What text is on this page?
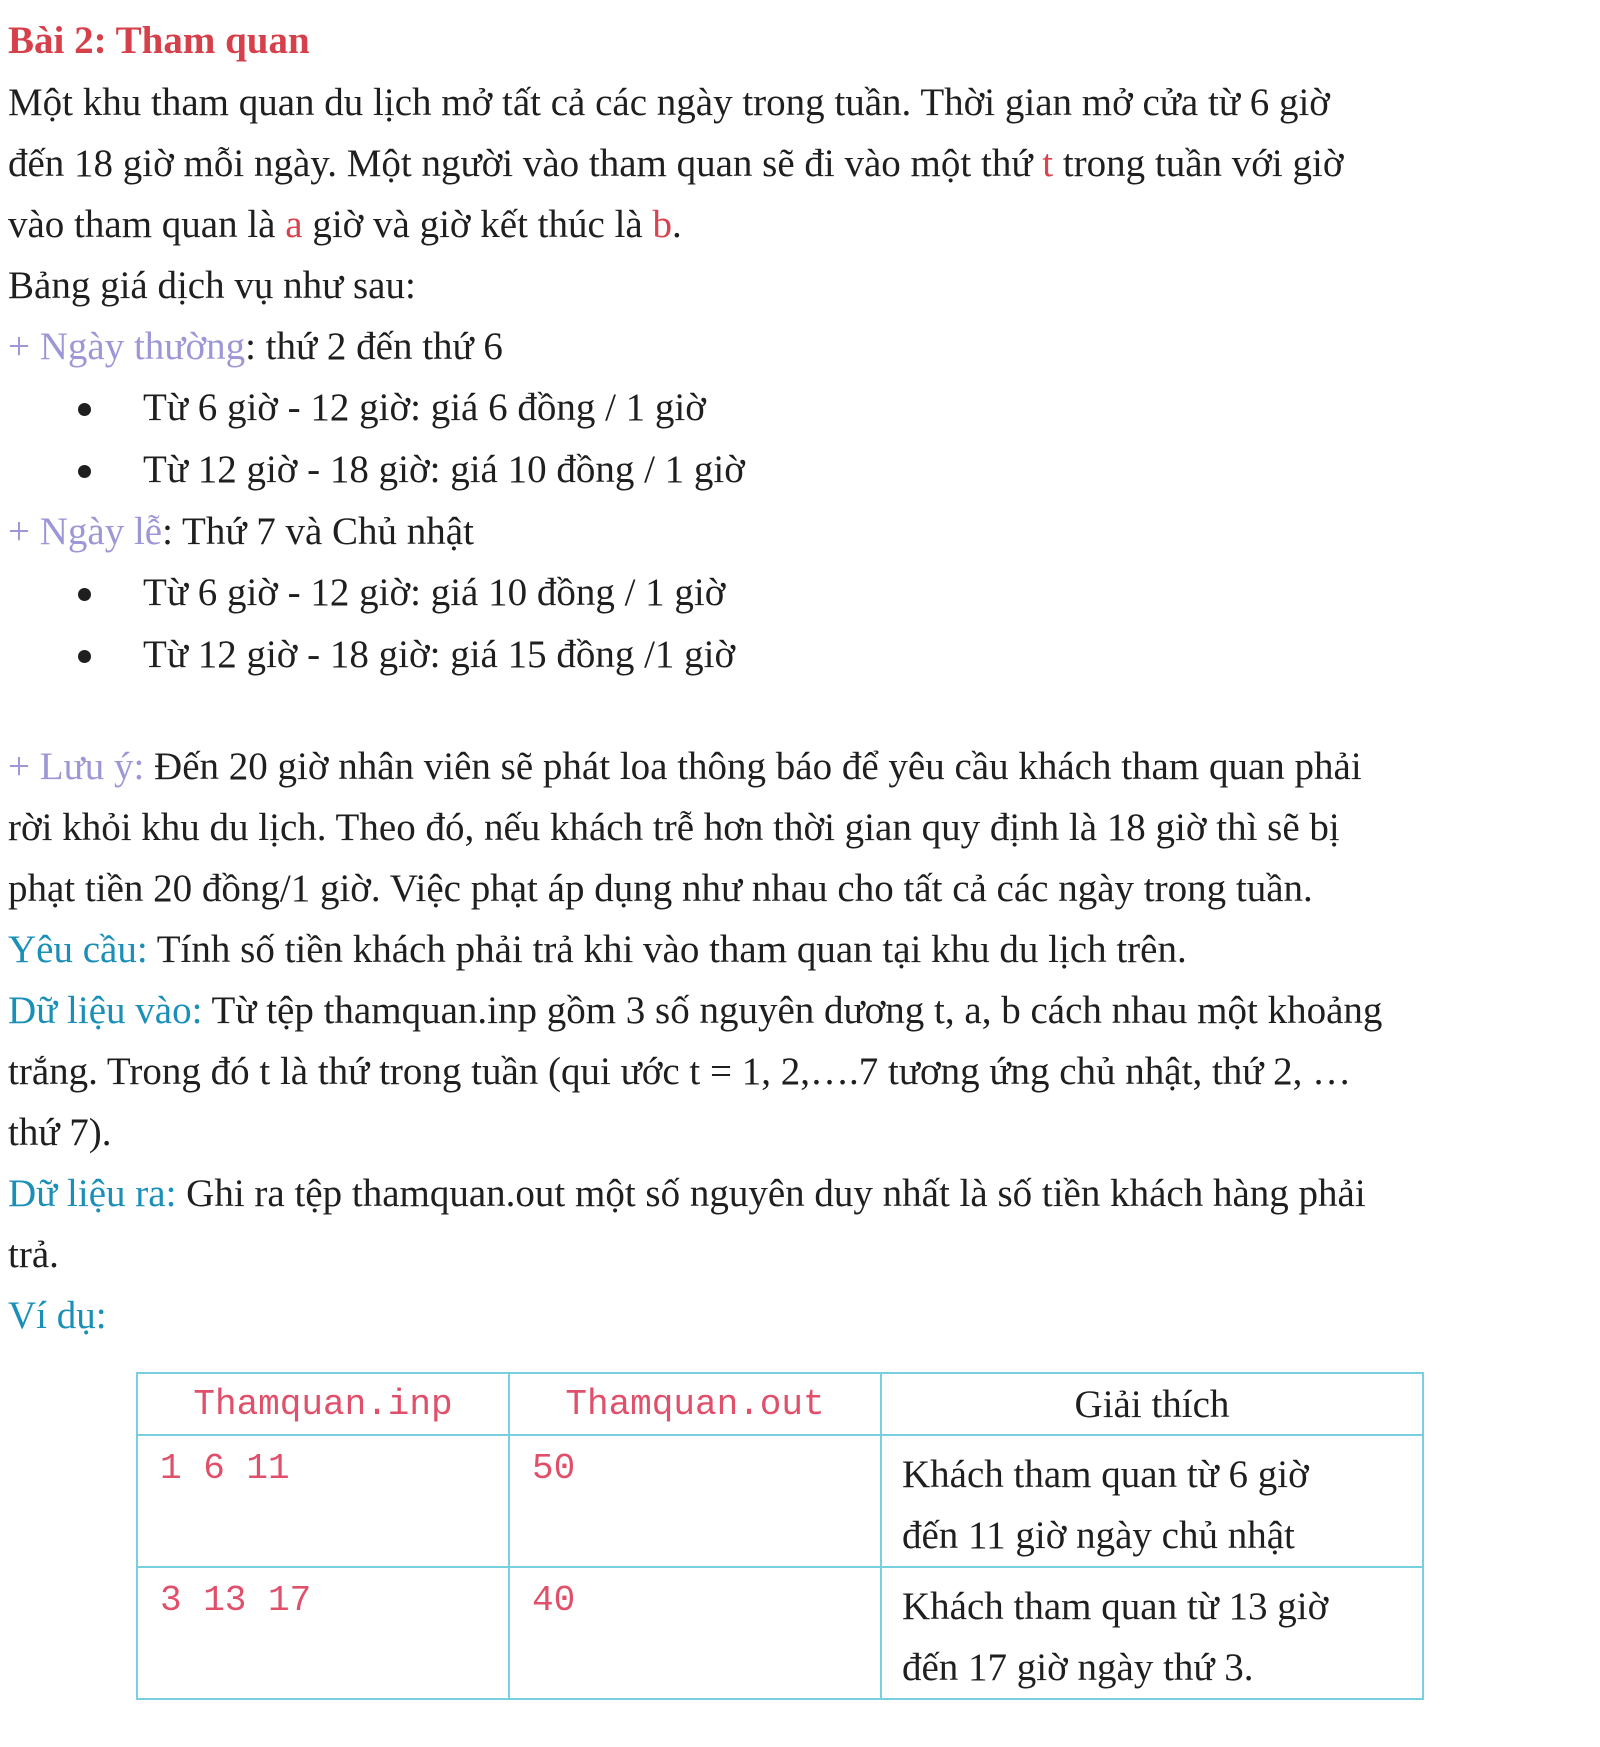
Bài 2: Tham quan
Một khu tham quan du lịch mở tất cả các ngày trong tuần. Thời gian mở cửa từ 6 giờ
đến 18 giờ mỗi ngày. Một người vào tham quan sẽ đi vào một thứ t trong tuần với giờ
vào tham quan là a giờ và giờ kết thúc là b.
Bảng giá dịch vụ như sau:
+ Ngày thường: thứ 2 đến thứ 6
Từ 6 giờ - 12 giờ: giá 6 đồng / 1 giờ
Từ 12 giờ - 18 giờ: giá 10 đồng / 1 giờ
+ Ngày lễ: Thứ 7 và Chủ nhật
Từ 6 giờ - 12 giờ: giá 10 đồng / 1 giờ
Từ 12 giờ - 18 giờ: giá 15 đồng /1 giờ
+ Lưu ý: Đến 20 giờ nhân viên sẽ phát loa thông báo để yêu cầu khách tham quan phải
rời khỏi khu du lịch. Theo đó, nếu khách trễ hơn thời gian quy định là 18 giờ thì sẽ bị
phạt tiền 20 đồng/1 giờ. Việc phạt áp dụng như nhau cho tất cả các ngày trong tuần.
Yêu cầu: Tính số tiền khách phải trả khi vào tham quan tại khu du lịch trên.
Dữ liệu vào: Từ tệp thamquan.inp gồm 3 số nguyên dương t, a, b cách nhau một khoảng
trắng. Trong đó t là thứ trong tuần (qui ước t = 1, 2,….7 tương ứng chủ nhật, thứ 2, …
thứ 7).
Dữ liệu ra: Ghi ra tệp thamquan.out một số nguyên duy nhất là số tiền khách hàng phải
trả.
Ví dụ:
Thamquan.inp	Thamquan.out	Giải thích
1 6 11	50	Khách tham quan từ 6 giờ
đến 11 giờ ngày chủ nhật

3 13 17	40	Khách tham quan từ 13 giờ
đến 17 giờ ngày thứ 3.
